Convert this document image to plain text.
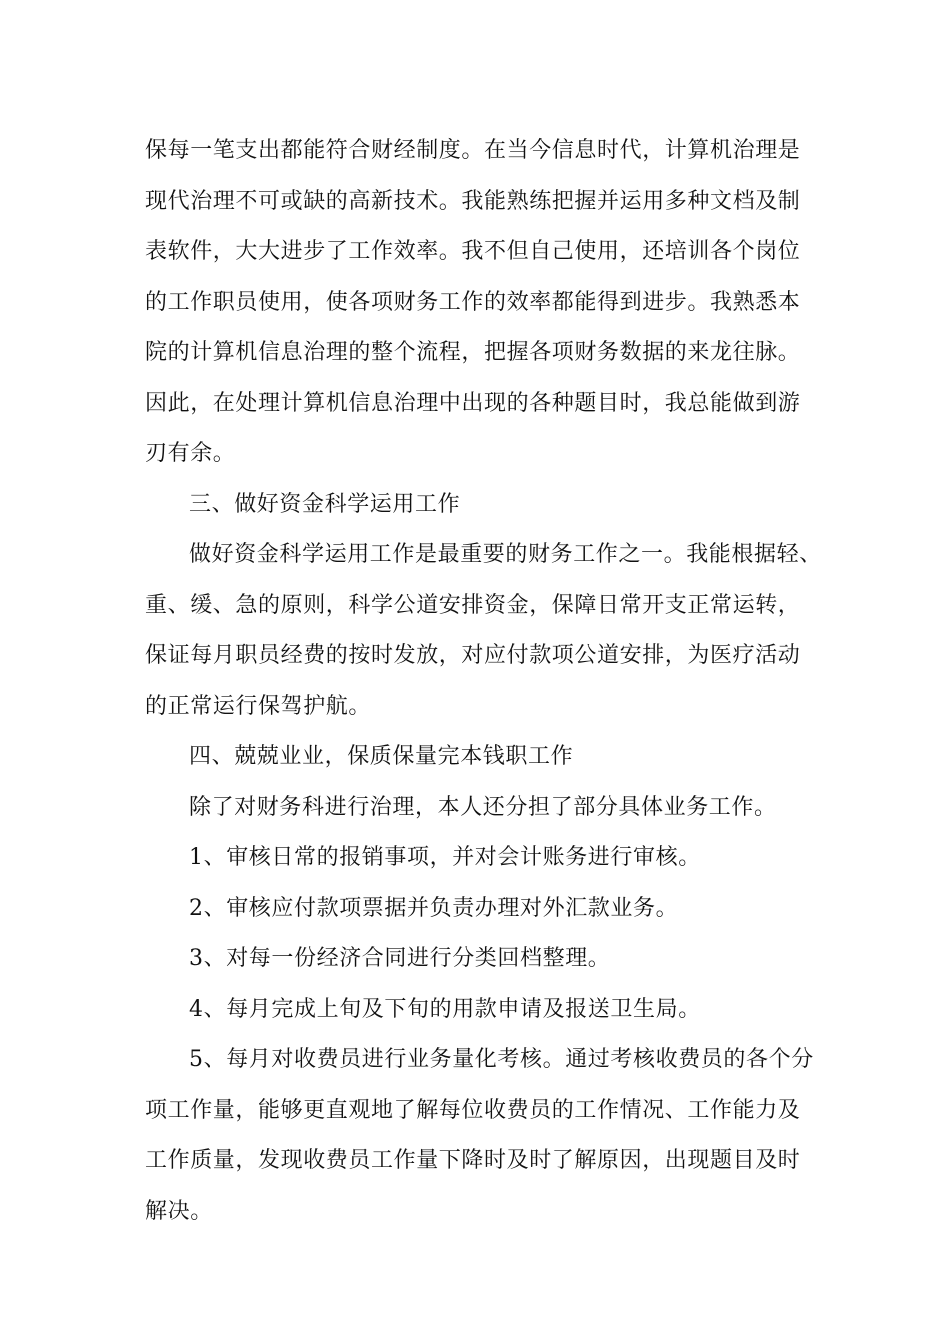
保每一笔支出都能符合财经制度。在当今信息时代，计算机治理是
现代治理不可或缺的高新技术。我能熟练把握并运用多种文档及制
表软件，大大进步了工作效率。我不但自己使用，还培训各个岗位
的工作职员使用，使各项财务工作的效率都能得到进步。我熟悉本
院的计算机信息治理的整个流程，把握各项财务数据的来龙往脉。
因此，在处理计算机信息治理中出现的各种题目时，我总能做到游
刃有余。
三、做好资金科学运用工作
做好资金科学运用工作是最重要的财务工作之一。我能根据轻、
重、缓、急的原则，科学公道安排资金，保障日常开支正常运转，
保证每月职员经费的按时发放，对应付款项公道安排，为医疗活动
的正常运行保驾护航。
四、兢兢业业，保质保量完本钱职工作
除了对财务科进行治理，本人还分担了部分具体业务工作。
1、审核日常的报销事项，并对会计账务进行审核。
2、审核应付款项票据并负责办理对外汇款业务。
3、对每一份经济合同进行分类回档整理。
4、每月完成上旬及下旬的用款申请及报送卫生局。
5、每月对收费员进行业务量化考核。通过考核收费员的各个分
项工作量，能够更直观地了解每位收费员的工作情况、工作能力及
工作质量，发现收费员工作量下降时及时了解原因，出现题目及时
解决。
